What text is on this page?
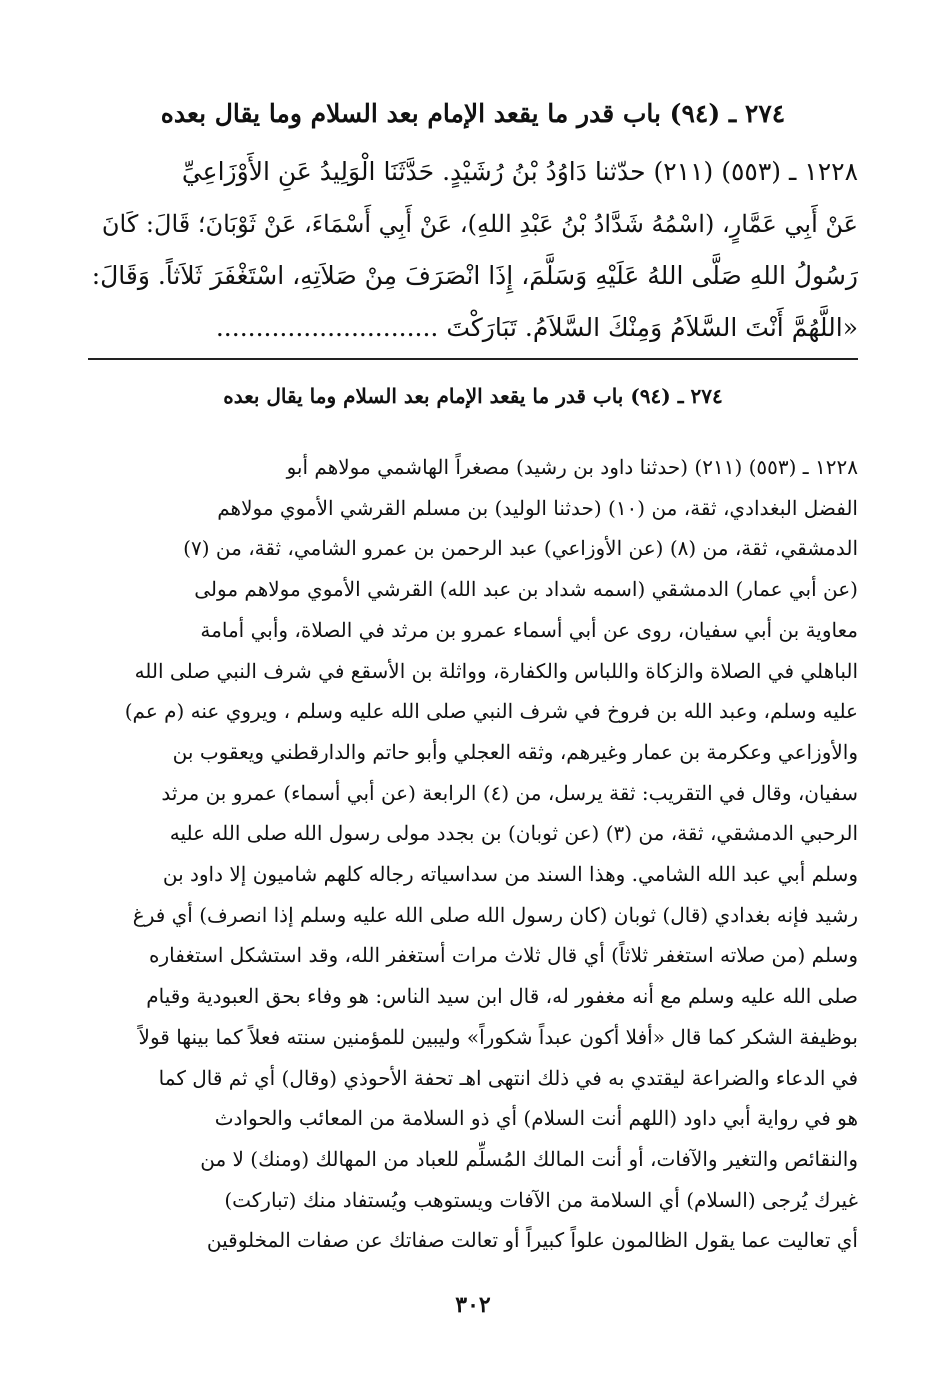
٢٧٤ ـ (٩٤) باب قدر ما يقعد الإمام بعد السلام وما يقال بعده
١٢٢٨ ـ (٥٥٣) (٢١١) حدّثنا دَاوُدُ بْنُ رُشَيْدٍ. حَدَّثَنَا الْوَلِيدُ عَنِ الأَوْزَاعِيِّ
عَنْ أَبِي عَمَّارٍ، (اسْمُهُ شَدَّادُ بْنُ عَبْدِ اللهِ)، عَنْ أَبِي أَسْمَاءَ، عَنْ ثَوْبَانَ؛ قَالَ: كَانَ
رَسُولُ اللهِ صَلَّى اللهُ عَلَيْهِ وَسَلَّمَ، إِذَا انْصَرَفَ مِنْ صَلاَتِهِ، اسْتَغْفَرَ ثَلاَثاً. وَقَالَ:
«اللَّهُمَّ أَنْتَ السَّلاَمُ وَمِنْكَ السَّلاَمُ. تَبَارَكْتَ ............................
٢٧٤ ـ (٩٤) باب قدر ما يقعد الإمام بعد السلام وما يقال بعده
١٢٢٨ ـ (٥٥٣) (٢١١) (حدثنا داود بن رشيد) مصغراً الهاشمي مولاهم أبو
الفضل البغدادي، ثقة، من (١٠) (حدثنا الوليد) بن مسلم القرشي الأموي مولاهم
الدمشقي، ثقة، من (٨) (عن الأوزاعي) عبد الرحمن بن عمرو الشامي، ثقة، من (٧)
(عن أبي عمار) الدمشقي (اسمه شداد بن عبد الله) القرشي الأموي مولاهم مولى
معاوية بن أبي سفيان، روى عن أبي أسماء عمرو بن مرثد في الصلاة، وأبي أمامة
الباهلي في الصلاة والزكاة واللباس والكفارة، وواثلة بن الأسقع في شرف النبي صلى الله
عليه وسلم، وعبد الله بن فروخ في شرف النبي صلى الله عليه وسلم ، ويروي عنه (م عم)
والأوزاعي وعكرمة بن عمار وغيرهم، وثقه العجلي وأبو حاتم والدارقطني ويعقوب بن
سفيان، وقال في التقريب: ثقة يرسل، من (٤) الرابعة (عن أبي أسماء) عمرو بن مرثد
الرحبي الدمشقي، ثقة، من (٣) (عن ثوبان) بن بجدد مولى رسول الله صلى الله عليه
وسلم أبي عبد الله الشامي. وهذا السند من سداسياته رجاله كلهم شاميون إلا داود بن
رشيد فإنه بغدادي (قال) ثوبان (كان رسول الله صلى الله عليه وسلم إذا انصرف) أي فرغ
وسلم (من صلاته استغفر ثلاثاً) أي قال ثلاث مرات أستغفر الله، وقد استشكل استغفاره
صلى الله عليه وسلم مع أنه مغفور له، قال ابن سيد الناس: هو وفاء بحق العبودية وقيام
بوظيفة الشكر كما قال «أفلا أكون عبداً شكوراً» وليبين للمؤمنين سنته فعلاً كما بينها قولاً
في الدعاء والضراعة ليقتدي به في ذلك انتهى اهـ تحفة الأحوذي (وقال) أي ثم قال كما
هو في رواية أبي داود (اللهم أنت السلام) أي ذو السلامة من المعائب والحوادث
والنقائص والتغير والآفات، أو أنت المالك المُسلِّم للعباد من المهالك (ومنك) لا من
غيرك يُرجى (السلام) أي السلامة من الآفات ويستوهب ويُستفاد منك (تباركت)
أي تعاليت عما يقول الظالمون علواً كبيراً أو تعالت صفاتك عن صفات المخلوقين
٣٠٢
